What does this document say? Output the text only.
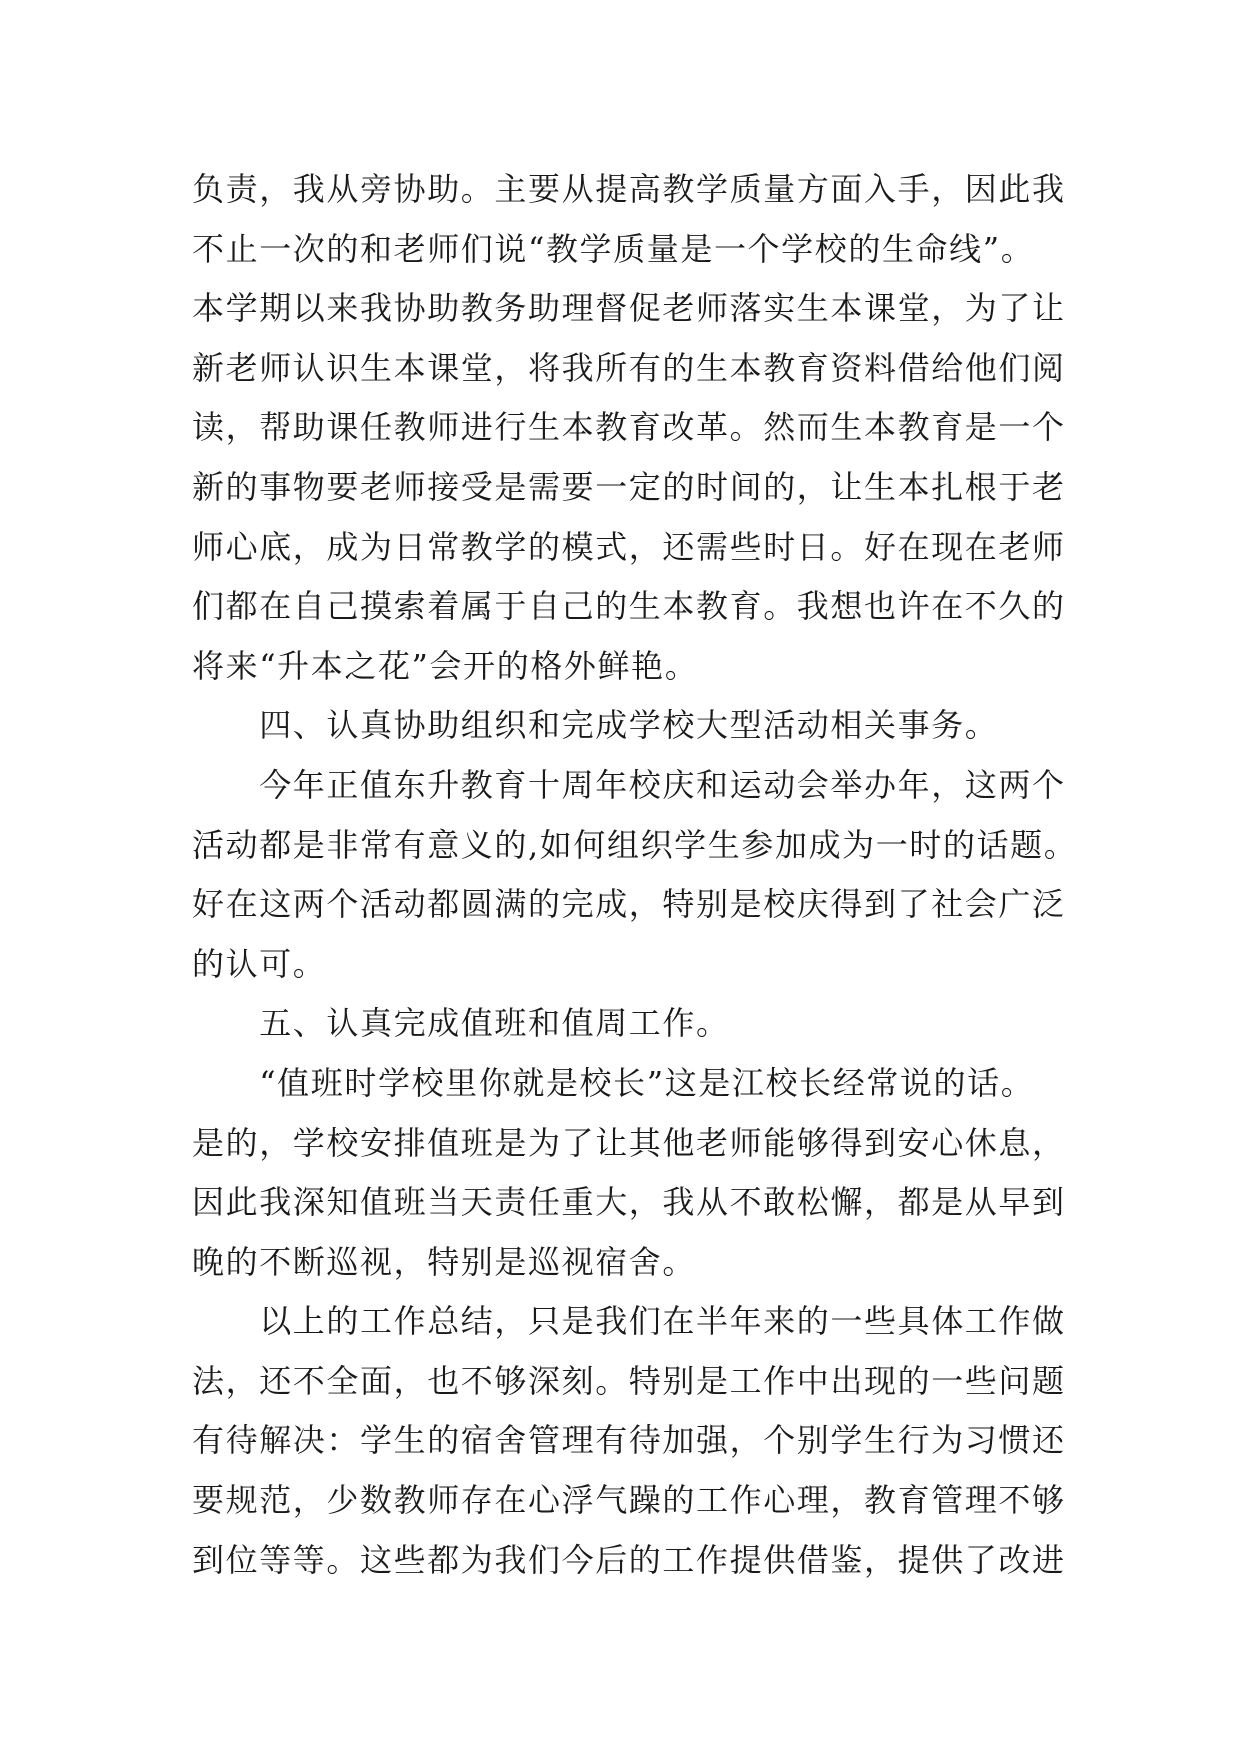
负责，我从旁协助。主要从提高教学质量方面入手，因此我
不止一次的和老师们说“教学质量是一个学校的生命线”。
本学期以来我协助教务助理督促老师落实生本课堂，为了让
新老师认识生本课堂，将我所有的生本教育资料借给他们阅
读，帮助课任教师进行生本教育改革。然而生本教育是一个
新的事物要老师接受是需要一定的时间的，让生本扎根于老
师心底，成为日常教学的模式，还需些时日。好在现在老师
们都在自己摸索着属于自己的生本教育。我想也许在不久的
将来“升本之花”会开的格外鲜艳。
　　四、认真协助组织和完成学校大型活动相关事务。
　　今年正值东升教育十周年校庆和运动会举办年，这两个
活动都是非常有意义的,如何组织学生参加成为一时的话题。
好在这两个活动都圆满的完成，特别是校庆得到了社会广泛
的认可。
　　五、认真完成值班和值周工作。
　　“值班时学校里你就是校长”这是江校长经常说的话。
是的，学校安排值班是为了让其他老师能够得到安心休息，
因此我深知值班当天责任重大，我从不敢松懈，都是从早到
晚的不断巡视，特别是巡视宿舍。
　　以上的工作总结，只是我们在半年来的一些具体工作做
法，还不全面，也不够深刻。特别是工作中出现的一些问题
有待解决：学生的宿舍管理有待加强，个别学生行为习惯还
要规范，少数教师存在心浮气躁的工作心理，教育管理不够
到位等等。这些都为我们今后的工作提供借鉴，提供了改进
